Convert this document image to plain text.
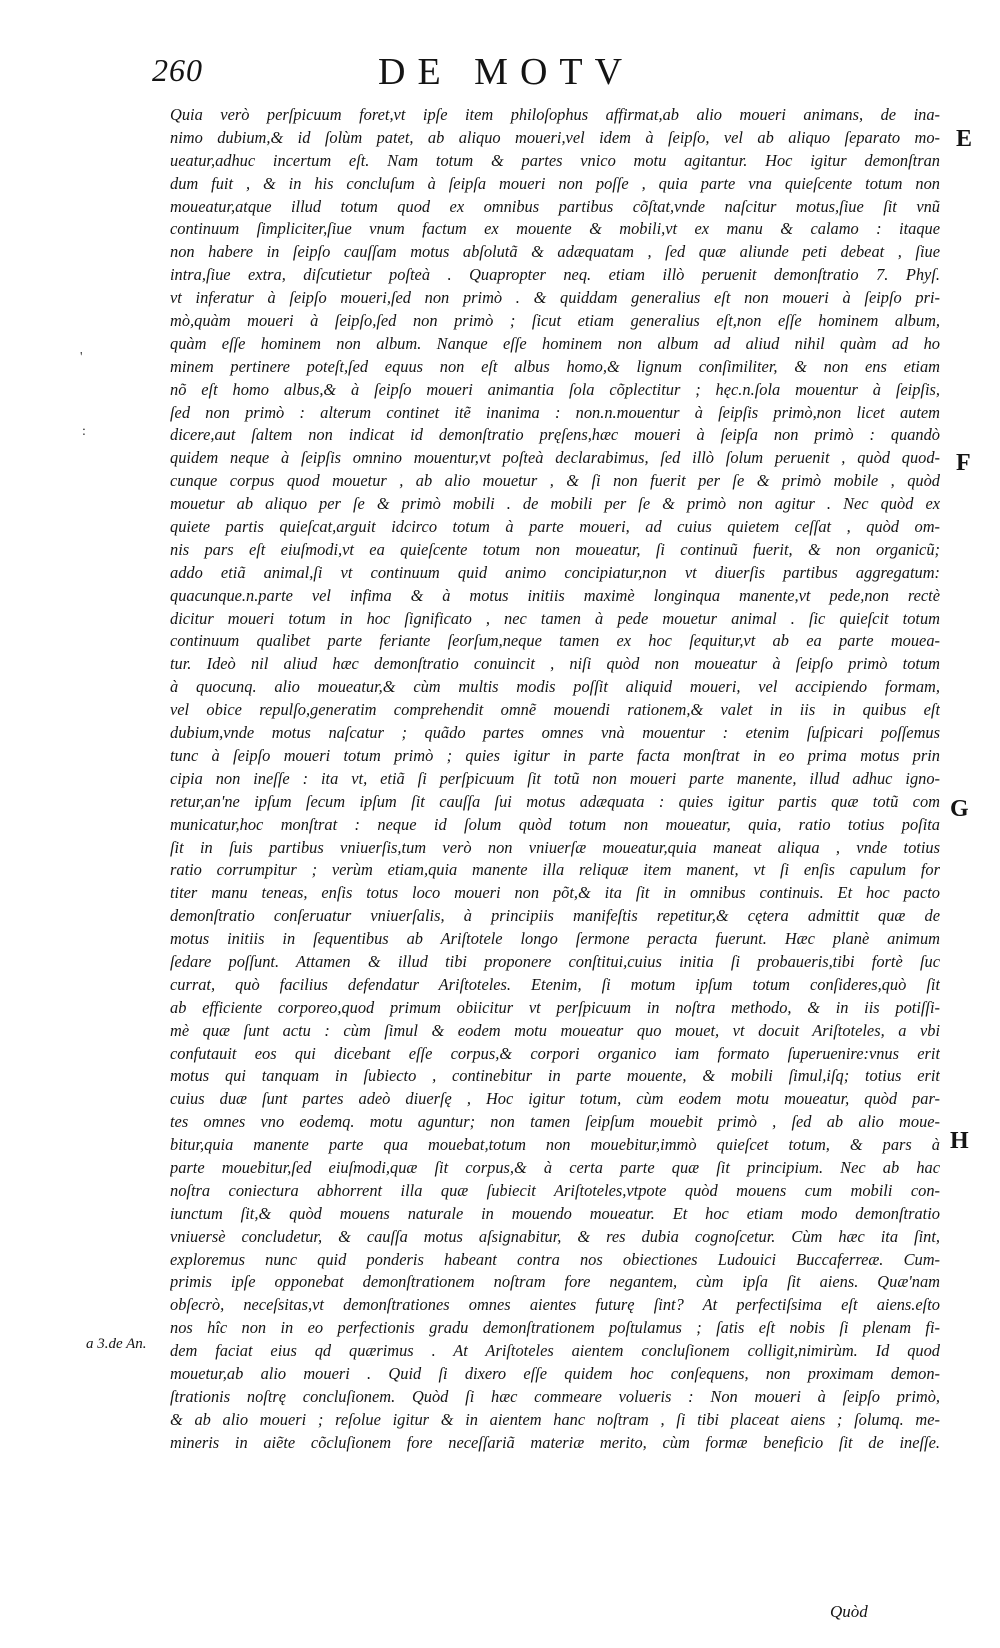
260	DE MOTV
E
F
G
H
'
:
a 3.de An.
Quia verò perſpicuum foret,vt ipſe item philoſophus affirmat,ab alio moueri animans, de ina-
nimo dubium,& id ſolùm patet, ab aliquo moueri,vel idem à ſeipſo, vel ab aliquo ſeparato mo-
ueatur,adhuc incertum eſt. Nam totum & partes vnico motu agitantur. Hoc igitur demonſtran
dum fuit , & in his concluſum à ſeipſa moueri non poſſe , quia parte vna quieſcente totum non
moueatur,atque illud totum quod ex omnibus partibus cõſtat,vnde naſcitur motus,ſiue ſit vnũ
continuum ſimpliciter,ſiue vnum factum ex mouente & mobili,vt ex manu & calamo : itaque
non habere in ſeipſo cauſſam motus abſolutã & adæquatam , ſed quæ aliunde peti debeat , ſiue
intra,ſiue extra, diſcutietur poſteà . Quapropter neq. etiam illò peruenit demonſtratio 7. Phyſ.
vt inferatur à ſeipſo moueri,ſed non primò . & quiddam generalius eſt non moueri à ſeipſo pri-
mò,quàm moueri à ſeipſo,ſed non primò ; ſicut etiam generalius eſt,non eſſe hominem album,
quàm eſſe hominem non album. Nanque eſſe hominem non album ad aliud nihil quàm ad ho
minem pertinere poteſt,ſed equus non eſt albus homo,& lignum conſimiliter, & non ens etiam
nõ eſt homo albus,& à ſeipſo moueri animantia ſola cõplectitur ; hęc.n.ſola mouentur à ſeipſis,
ſed non primò : alterum continet itẽ inanima : non.n.mouentur à ſeipſis primò,non licet autem
dicere,aut ſaltem non indicat id demonſtratio pręſens,hæc moueri à ſeipſa non primò : quandò
quidem neque à ſeipſis omnino mouentur,vt poſteà declarabimus, ſed illò ſolum peruenit , quòd quod-
cunque corpus quod mouetur , ab alio mouetur , & ſi non fuerit per ſe & primò mobile , quòd
mouetur ab aliquo per ſe & primò mobili . de mobili per ſe & primò non agitur . Nec quòd ex
quiete partis quieſcat,arguit idcirco totum à parte moueri, ad cuius quietem ceſſat , quòd om-
nis pars eſt eiuſmodi,vt ea quieſcente totum non moueatur, ſi continuũ fuerit, & non organicũ;
addo etiã animal,ſi vt continuum quid animo concipiatur,non vt diuerſis partibus aggregatum:
quacunque.n.parte vel infima & à motus initiis maximè longinqua manente,vt pede,non rectè
dicitur moueri totum in hoc ſignificato , nec tamen à pede mouetur animal . ſic quieſcit totum
continuum qualibet parte feriante ſeorſum,neque tamen ex hoc ſequitur,vt ab ea parte mouea-
tur. Ideò nil aliud hæc demonſtratio conuincit , niſi quòd non moueatur à ſeipſo primò totum
à quocunq. alio moueatur,& cùm multis modis poſſit aliquid moueri, vel accipiendo formam,
vel obice repulſo,generatim comprehendit omnẽ mouendi rationem,& valet in iis in quibus eſt
dubium,vnde motus naſcatur ; quãdo partes omnes vnà mouentur : etenim ſuſpicari poſſemus
tunc à ſeipſo moueri totum primò ; quies igitur in parte facta monſtrat in eo prima motus prin
cipia non ineſſe : ita vt, etiã ſi perſpicuum ſit totũ non moueri parte manente, illud adhuc igno-
retur,an'ne ipſum ſecum ipſum ſit cauſſa ſui motus adæquata : quies igitur partis quæ totũ com
municatur,hoc monſtrat : neque id ſolum quòd totum non moueatur, quia, ratio totius poſita
ſit in ſuis partibus vniuerſis,tum verò non vniuerſæ moueatur,quia maneat aliqua , vnde totius
ratio corrumpitur ; verùm etiam,quia manente illa reliquæ item manent, vt ſi enſis capulum for
titer manu teneas, enſis totus loco moueri non põt,& ita ſit in omnibus continuis. Et hoc pacto
demonſtratio conſeruatur vniuerſalis, à principiis manifeſtis repetitur,& cętera admittit quæ de
motus initiis in ſequentibus ab Ariſtotele longo ſermone peracta fuerunt. Hæc planè animum
ſedare poſſunt. Attamen & illud tibi proponere conſtitui,cuius initia ſi probaueris,tibi fortè ſuc
currat, quò facilius defendatur Ariſtoteles. Etenim, ſi motum ipſum totum conſideres,quò ſit
ab efficiente corporeo,quod primum obiicitur vt perſpicuum in noſtra methodo, & in iis potiſſi-
mè quæ ſunt actu : cùm ſimul & eodem motu moueatur quo mouet, vt docuit Ariſtoteles, a vbi
confutauit eos qui dicebant eſſe corpus,& corpori organico iam formato ſuperuenire:vnus erit
motus qui tanquam in ſubiecto , continebitur in parte mouente, & mobili ſimul,iſq; totius erit
cuius duæ ſunt partes adeò diuerſę , Hoc igitur totum, cùm eodem motu moueatur, quòd par-
tes omnes vno eodemq. motu aguntur; non tamen ſeipſum mouebit primò , ſed ab alio moue-
bitur,quia manente parte qua mouebat,totum non mouebitur,immò quieſcet totum, & pars à
parte mouebitur,ſed eiuſmodi,quæ ſit corpus,& à certa parte quæ ſit principium. Nec ab hac
noſtra coniectura abhorrent illa quæ ſubiecit Ariſtoteles,vtpote quòd mouens cum mobili con-
iunctum ſit,& quòd mouens naturale in mouendo moueatur. Et hoc etiam modo demonſtratio
vniuersè concludetur, & cauſſa motus aſsignabitur, & res dubia cognoſcetur. Cùm hæc ita ſint,
exploremus nunc quid ponderis habeant contra nos obiectiones Ludouici Buccaferreæ. Cum-
primis ipſe opponebat demonſtrationem noſtram fore negantem, cùm ipſa ſit aiens. Quæ'nam
obſecrò, neceſsitas,vt demonſtrationes omnes aientes futurę ſint? At perfectiſsima eſt aiens.eſto
nos hîc non in eo perfectionis gradu demonſtrationem poſtulamus ; ſatis eſt nobis ſi plenam fi-
dem faciat eius qd quærimus . At Ariſtoteles aientem concluſionem colligit,nimirùm. Id quod
mouetur,ab alio moueri . Quid ſi dixero eſſe quidem hoc conſequens, non proximam demon-
ſtrationis noſtrę concluſionem. Quòd ſi hæc commeare volueris : Non moueri à ſeipſo primò,
& ab alio moueri ; reſolue igitur & in aientem hanc noſtram , ſi tibi placeat aiens ; ſolumq. me-
mineris in aiẽte cõcluſionem fore neceſſariã materiæ merito, cùm formæ beneficio ſit de ineſſe.
Quòd
